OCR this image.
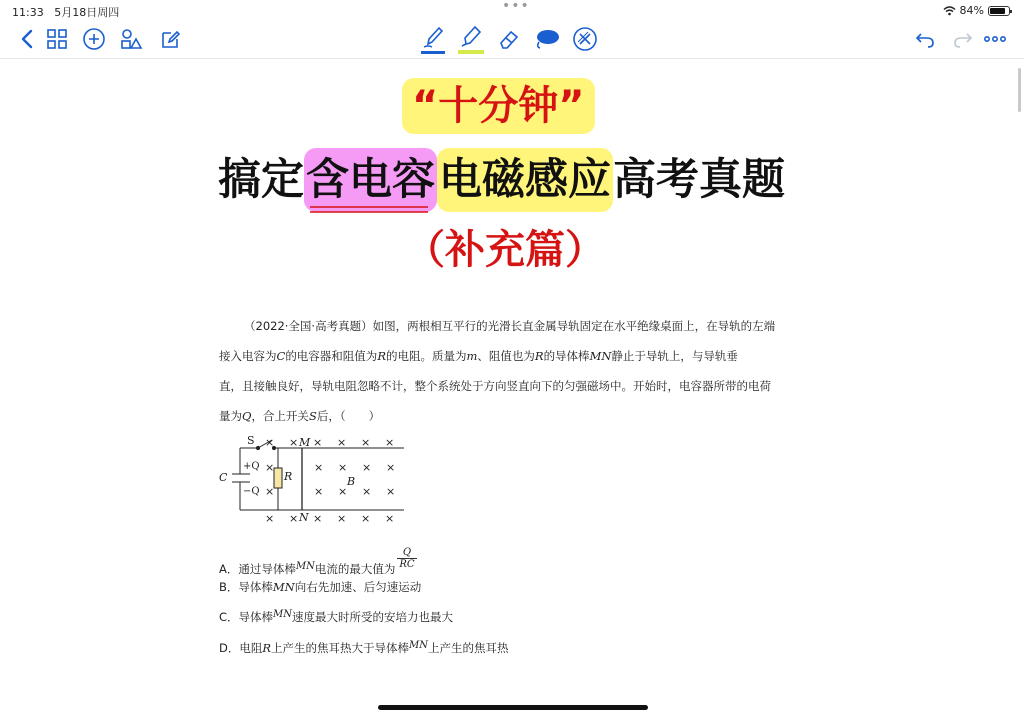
11:33 5月18日周四	•••	84%
“十分钟”
搞定含电容电磁感应高考真题
（补充篇）
（2022·全国·高考真题）如图，两根相互平行的光滑长直金属导轨固定在水平绝缘桌面上，在导轨的左端
接入电容为C的电容器和阻值为R的电阻。质量为m、阻值也为R的导体棒MN静止于导轨上，与导轨垂
直，且接触良好，导轨电阻忽略不计，整个系统处于方向竖直向下的匀强磁场中。开始时，电容器所带的电荷
量为Q，合上开关S后，（　　）
S	M
N
C
+Q
−Q
R	B
×
×
×
×
×
×
×
×
×
×
×
×
×
×
×
×
×
×
×
×
×
×
A．通过导体棒MN电流的最大值为 $\frac{Q}{RC}$
B．导体棒MN向右先加速、后匀速运动
C．导体棒MN速度最大时所受的安培力也最大
D．电阻R上产生的焦耳热大于导体棒MN上产生的焦耳热
